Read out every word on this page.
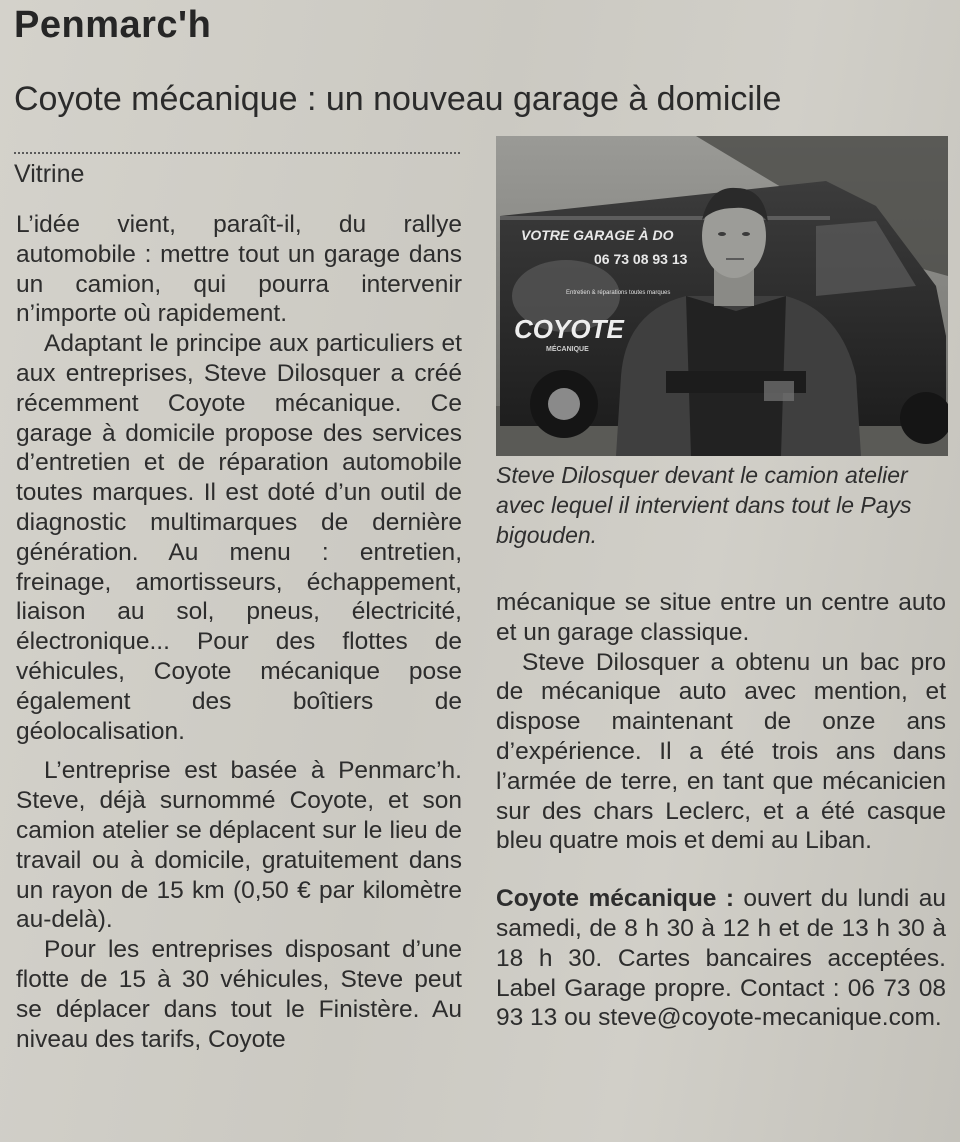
Penmarc'h
Coyote mécanique : un nouveau garage à domicile
Vitrine

L’idée vient, paraît-il, du rallye automobile : mettre tout un garage dans un camion, qui pourra intervenir n’importe où rapidement.

Adaptant le principe aux particuliers et aux entreprises, Steve Dilosquer a créé récemment Coyote mécanique. Ce garage à domicile propose des services d’entretien et de réparation automobile toutes marques. Il est doté d’un outil de diagnostic multimarques de dernière génération. Au menu : entretien, freinage, amortisseurs, échappement, liaison au sol, pneus, électricité, électronique... Pour des flottes de véhicules, Coyote mécanique pose également des boîtiers de géolocalisation.

L’entreprise est basée à Penmarc’h. Steve, déjà surnommé Coyote, et son camion atelier se déplacent sur le lieu de travail ou à domicile, gratuitement dans un rayon de 15 km (0,50 € par kilomètre au-delà).

Pour les entreprises disposant d’une flotte de 15 à 30 véhicules, Steve peut se déplacer dans tout le Finistère. Au niveau des tarifs, Coyote

VOTRE GARAGE À DO
06 73 08 93 13
Entretien & réparations toutes marques
COYOTE
MÉCANIQUE
Steve Dilosquer devant le camion atelier avec lequel il intervient dans tout le Pays bigouden.

mécanique se situe entre un centre auto et un garage classique.

Steve Dilosquer a obtenu un bac pro de mécanique auto avec mention, et dispose maintenant de onze ans d’expérience. Il a été trois ans dans l’armée de terre, en tant que mécanicien sur des chars Leclerc, et a été casque bleu quatre mois et demi au Liban.

Coyote mécanique : ouvert du lundi au samedi, de 8 h 30 à 12 h et de 13 h 30 à 18 h 30. Cartes bancaires acceptées. Label Garage propre. Contact : 06 73 08 93 13 ou steve@coyote-mecanique.com.
